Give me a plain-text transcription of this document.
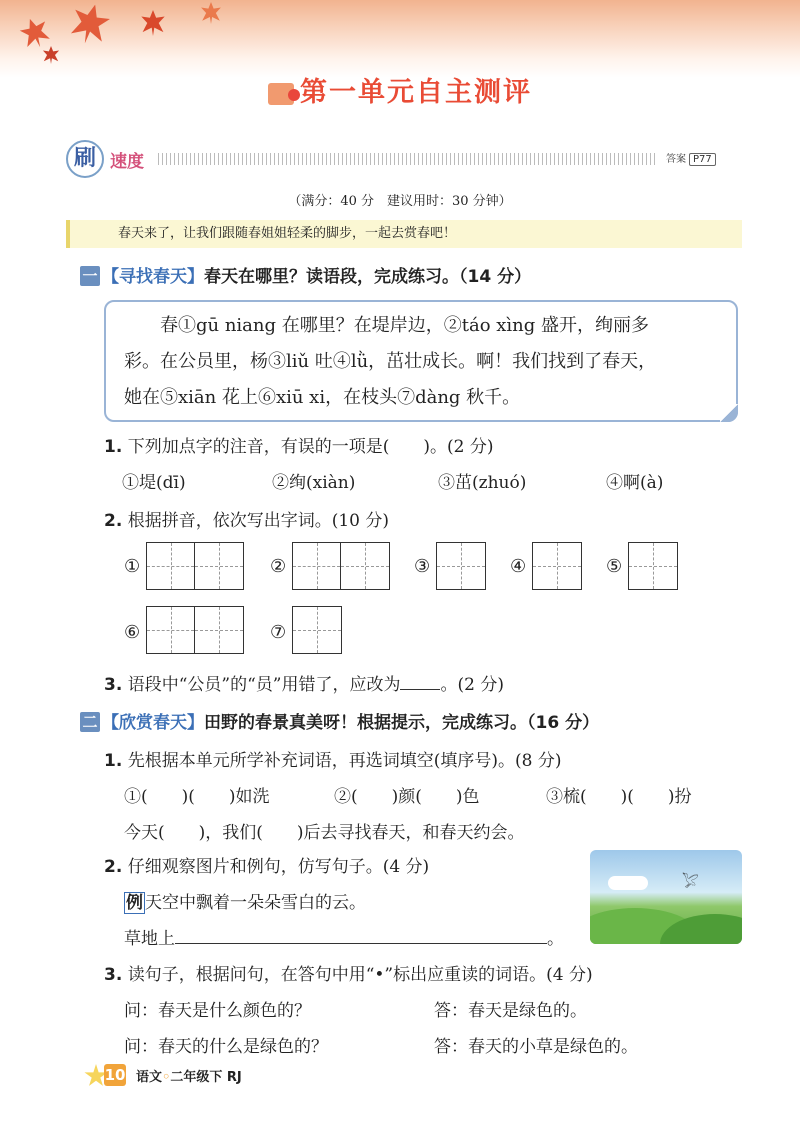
第一单元自主测评
刷 速度	答案 P77
（满分：40 分　建议用时：30 分钟）
春天来了，让我们跟随春姐姐轻柔的脚步，一起去赏春吧！
一 【寻找春天】春天在哪里？读语段，完成练习。（14 分）
春①gū niang 在哪里？在堤岸边，②táo xìng 盛开，绚丽多
彩。在公员里，杨③liǔ 吐④lǜ，茁壮成长。啊！我们找到了春天，
她在⑤xiān 花上⑥xiū xi，在枝头⑦dàng 秋千。
1. 下列加点字的注音，有误的一项是(　　)。(2 分)
①堤(dī)	②绚(xiàn)	③茁(zhuó)	④啊(à)
2. 根据拼音，依次写出字词。(10 分)
①	②	③	④	⑤
⑥	⑦
3. 语段中“公员”的“员”用错了，应改为 。(2 分)
二 【欣赏春天】田野的春景真美呀！根据提示，完成练习。（16 分）
1. 先根据本单元所学补充词语，再选词填空(填序号)。(8 分)
①(　　)(　　)如洗	②(　　)颜(　　)色	③梳(　　)(　　)扮
今天(　　)，我们(　　)后去寻找春天，和春天约会。
2. 仔细观察图片和例句，仿写句子。(4 分)
例 天空中飘着一朵朵雪白的云。
草地上	。
𓅯
3. 读句子，根据问句，在答句中用“•”标出应重读的词语。(4 分)
问：春天是什么颜色的？	答：春天是绿色的。
问：春天的什么是绿色的？	答：春天的小草是绿色的。
10 语文◦二年级下 RJ
